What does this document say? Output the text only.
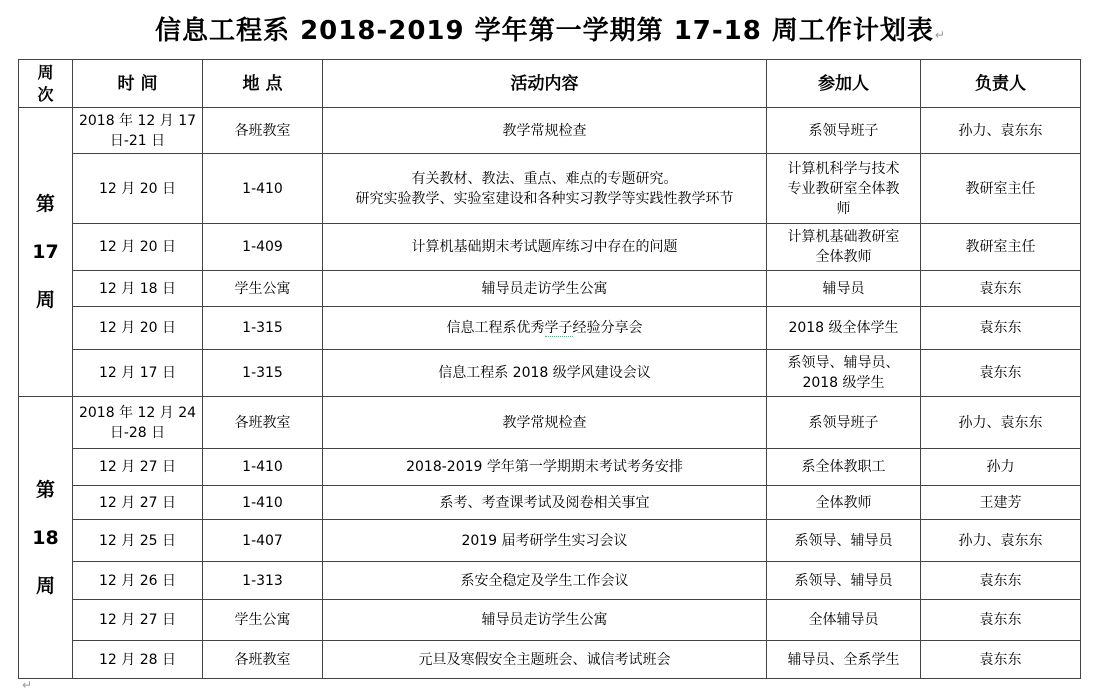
信息工程系 2018-2019 学年第一学期第 17-18 周工作计划表↵
周
次	时 间	地 点	活动内容	参加人	负责人
第
17
周	2018 年 12 月 17
日-21 日	各班教室	教学常规检查	系领导班子	孙力、袁东东
	12 月 20 日	1-410	有关教材、教法、重点、难点的专题研究。
研究实验教学、实验室建设和各种实习教学等实践性教学环节	计算机科学与技术
专业教研室全体教
师	教研室主任
	12 月 20 日	1-409	计算机基础期末考试题库练习中存在的问题	计算机基础教研室
全体教师	教研室主任
	12 月 18 日	学生公寓	辅导员走访学生公寓	辅导员	袁东东
	12 月 20 日	1-315	信息工程系优秀学子经验分享会	2018 级全体学生	袁东东
	12 月 17 日	1-315	信息工程系 2018 级学风建设会议	系领导、辅导员、
2018 级学生	袁东东
第
18
周	2018 年 12 月 24
日-28 日	各班教室	教学常规检查	系领导班子	孙力、袁东东
	12 月 27 日	1-410	2018-2019 学年第一学期期末考试考务安排	系全体教职工	孙力
	12 月 27 日	1-410	系考、考查课考试及阅卷相关事宜	全体教师	王建芳
	12 月 25 日	1-407	2019 届考研学生实习会议	系领导、辅导员	孙力、袁东东
	12 月 26 日	1-313	系安全稳定及学生工作会议	系领导、辅导员	袁东东
	12 月 27 日	学生公寓	辅导员走访学生公寓	全体辅导员	袁东东
	12 月 28 日	各班教室	元旦及寒假安全主题班会、诚信考试班会	辅导员、全系学生	袁东东
↵
